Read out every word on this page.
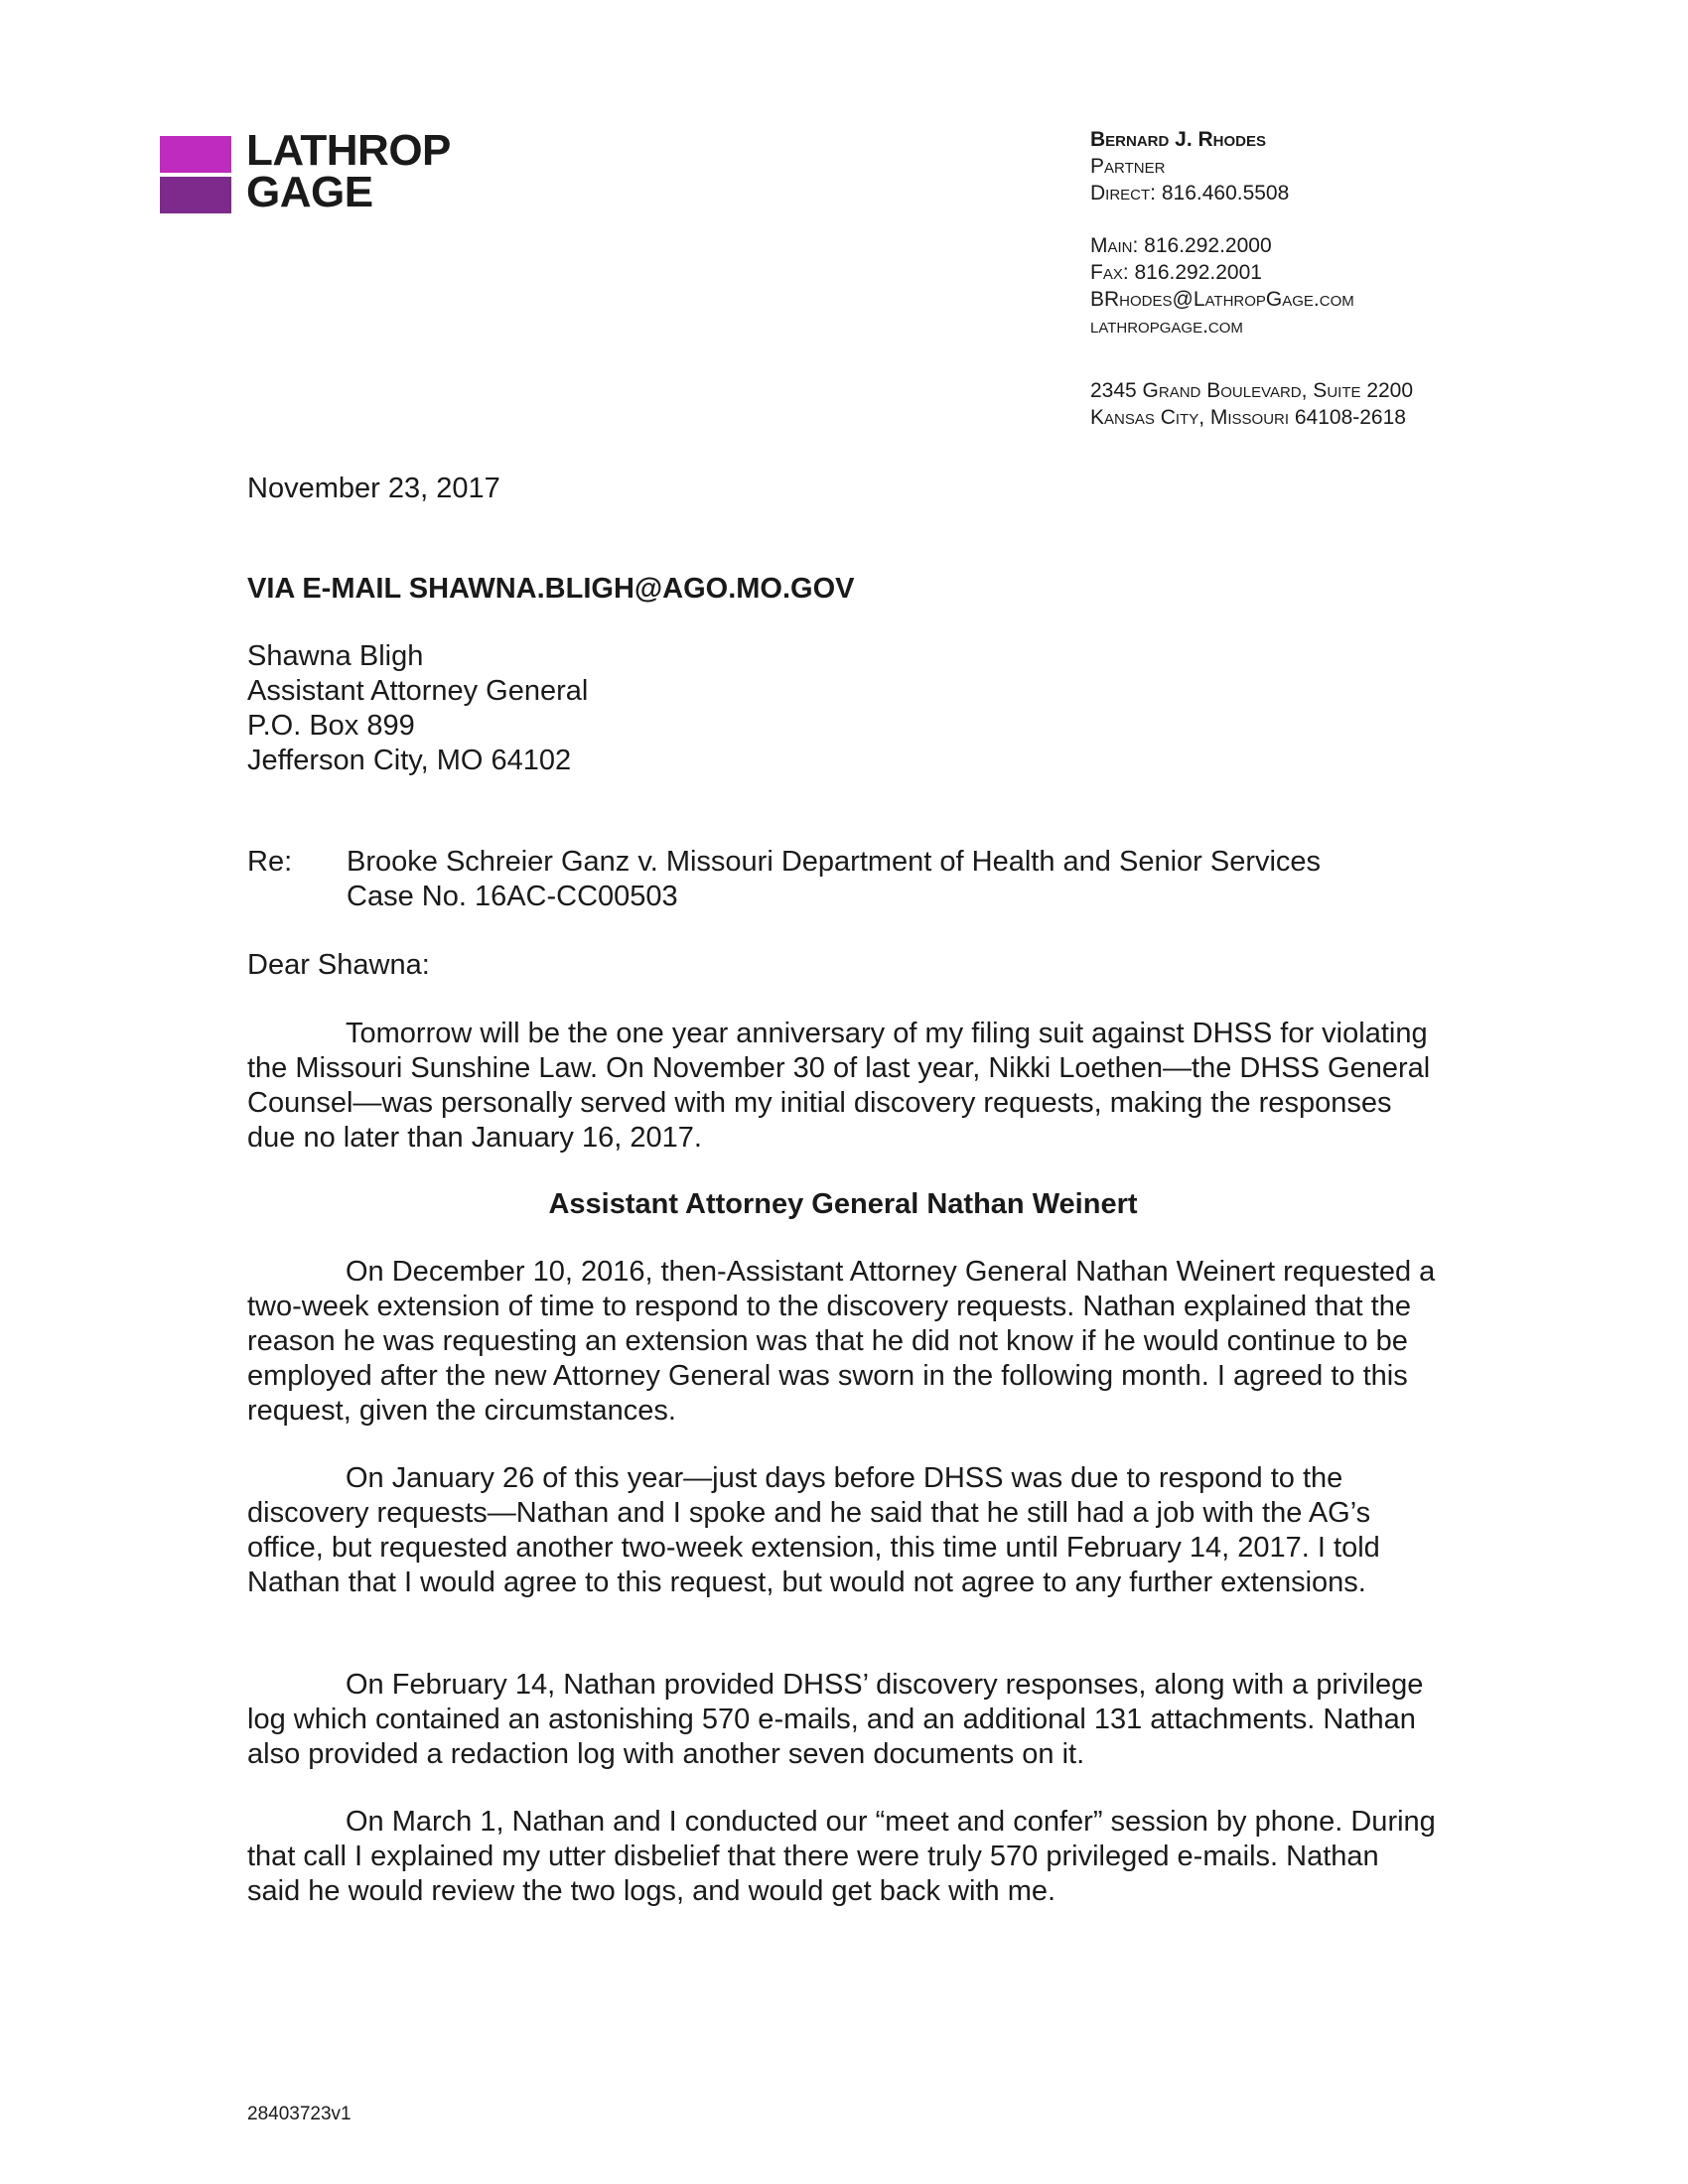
LATHROP
GAGE
Bernard J. Rhodes
Partner
Direct: 816.460.5508
Main: 816.292.2000
Fax: 816.292.2001
BRhodes@LathropGage.com
lathropgage.com
2345 Grand Boulevard, Suite 2200
Kansas City, Missouri 64108-2618
November 23, 2017
VIA E-MAIL SHAWNA.BLIGH@AGO.MO.GOV
Shawna Bligh
Assistant Attorney General
P.O. Box 899
Jefferson City, MO 64102
Re: Brooke Schreier Ganz v. Missouri Department of Health and Senior Services
Case No. 16AC-CC00503
Dear Shawna:
Tomorrow will be the one year anniversary of my filing suit against DHSS for violating the Missouri Sunshine Law. On November 30 of last year, Nikki Loethen—the DHSS General Counsel—was personally served with my initial discovery requests, making the responses due no later than January 16, 2017.
Assistant Attorney General Nathan Weinert
On December 10, 2016, then-Assistant Attorney General Nathan Weinert requested a two-week extension of time to respond to the discovery requests. Nathan explained that the reason he was requesting an extension was that he did not know if he would continue to be employed after the new Attorney General was sworn in the following month. I agreed to this request, given the circumstances.
On January 26 of this year—just days before DHSS was due to respond to the discovery requests—Nathan and I spoke and he said that he still had a job with the AG’s office, but requested another two-week extension, this time until February 14, 2017. I told Nathan that I would agree to this request, but would not agree to any further extensions.
On February 14, Nathan provided DHSS’ discovery responses, along with a privilege log which contained an astonishing 570 e-mails, and an additional 131 attachments. Nathan also provided a redaction log with another seven documents on it.
On March 1, Nathan and I conducted our “meet and confer” session by phone. During that call I explained my utter disbelief that there were truly 570 privileged e-mails. Nathan said he would review the two logs, and would get back with me.
28403723v1
